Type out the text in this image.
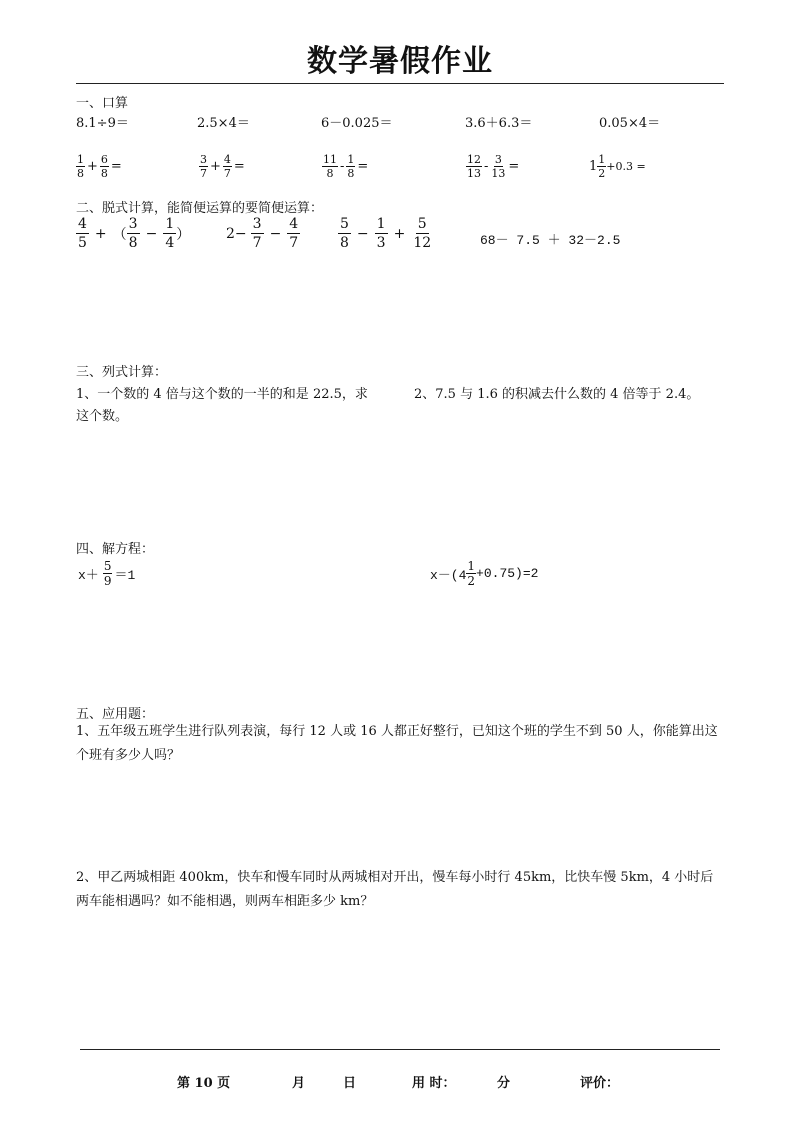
数学暑假作业
一、口算
8.1÷9＝	2.5×4＝	6－0.025＝	3.6＋6.3＝	0.05×4＝
$\frac{1}{8} + \frac{6}{8}$ =	$\frac{3}{7} + \frac{4}{7}$ =	$\frac{11}{8} - \frac{1}{8}$ =	$\frac{12}{13} - \frac{3}{13}$ =	$1 \frac{1}{2} +0.3$ =
二、脱式计算，能简便运算的要简便运算：
$\frac{4}{5}$ + （ $\frac{3}{8} - \frac{1}{4}$ ）	$2- \frac{3}{7} - \frac{4}{7}$	$\frac{5}{8} - \frac{1}{3} + \frac{5}{12}$	68－ 7.5 ＋ 32－2.5
三、列式计算：
1、一个数的 4 倍与这个数的一半的和是 22.5，求
这个数。
2、7.5 与 1.6 的积减去什么数的 4 倍等于 2.4。
四、解方程：
$x+ \frac{5}{9} =1$	$x-(4 \frac{1}{2} +0.75)=2$
五、应用题：
1、五年级五班学生进行队列表演，每行 12 人或 16 人都正好整行，已知这个班的学生不到 50 人，你能算出这个班有多少人吗？
2、甲乙两城相距 400km，快车和慢车同时从两城相对开出，慢车每小时行 45km，比快车慢 5km，4 小时后两车能相遇吗？如不能相遇，则两车相距多少 km？
第 10 页	月	日	用 时：	分	评价：
